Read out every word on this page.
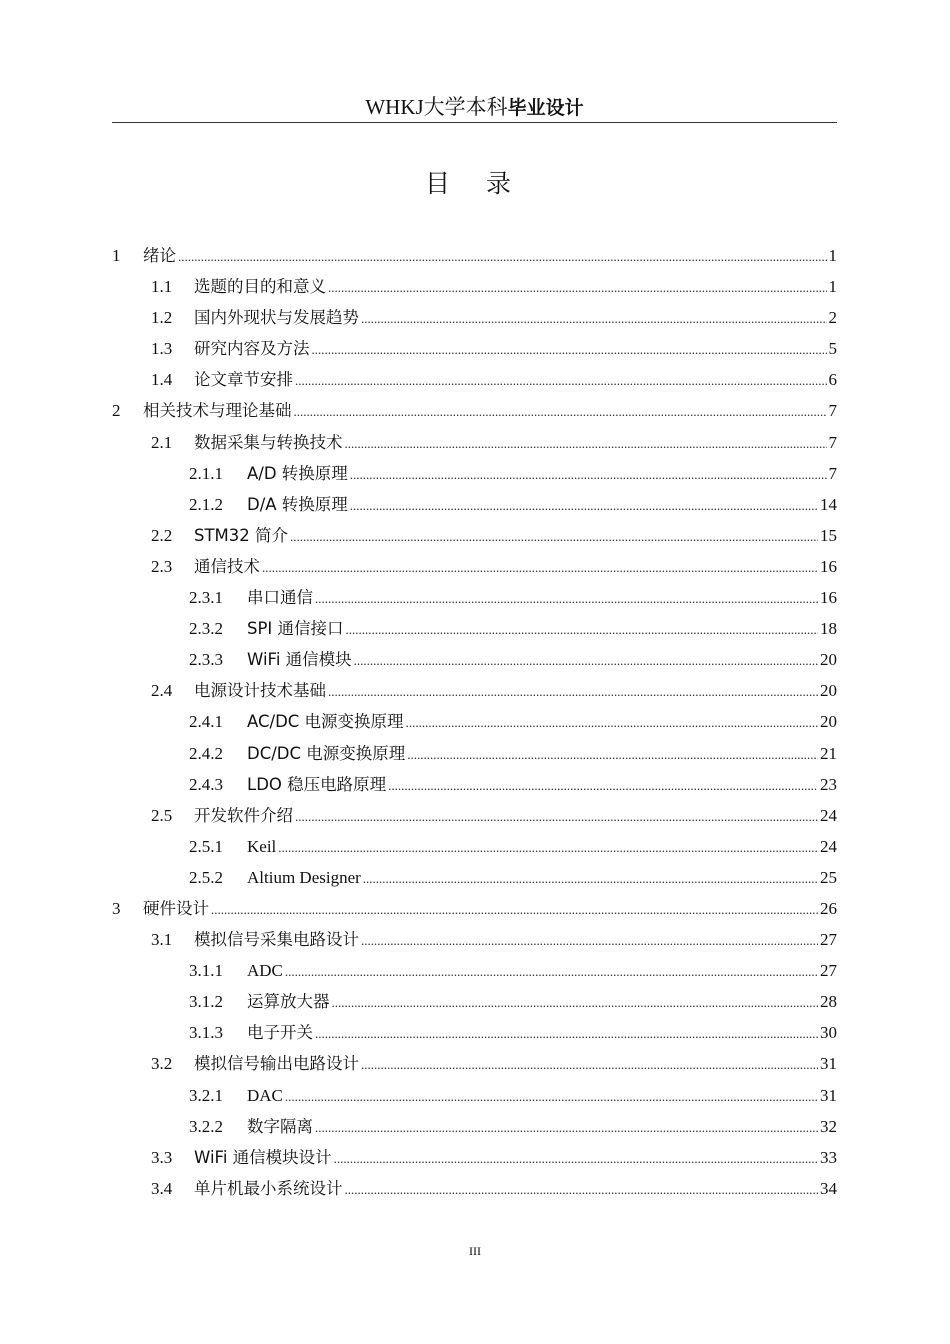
WHKJ大学本科毕业设计
目 录
1	绪论 .....	1
1.1	选题的目的和意义 .....	1
1.2	国内外现状与发展趋势 .....	2
1.3	研究内容及方法 .....	5
1.4	论文章节安排 .....	6
2	相关技术与理论基础 .....	7
2.1	数据采集与转换技术 .....	7
2.1.1	A/D 转换原理 .....	7
2.1.2	D/A 转换原理 .....	14
2.2	STM32 简介 .....	15
2.3	通信技术 .....	16
2.3.1	串口通信 .....	16
2.3.2	SPI 通信接口 .....	18
2.3.3	WiFi 通信模块 .....	20
2.4	电源设计技术基础 .....	20
2.4.1	AC/DC 电源变换原理 .....	20
2.4.2	DC/DC 电源变换原理 .....	21
2.4.3	LDO 稳压电路原理 .....	23
2.5	开发软件介绍 .....	24
2.5.1	Keil .....	24
2.5.2	Altium Designer .....	25
3	硬件设计 .....	26
3.1	模拟信号采集电路设计 .....	27
3.1.1	ADC .....	27
3.1.2	运算放大器 .....	28
3.1.3	电子开关 .....	30
3.2	模拟信号输出电路设计 .....	31
3.2.1	DAC .....	31
3.2.2	数字隔离 .....	32
3.3	WiFi 通信模块设计 .....	33
3.4	单片机最小系统设计 .....	34
III
